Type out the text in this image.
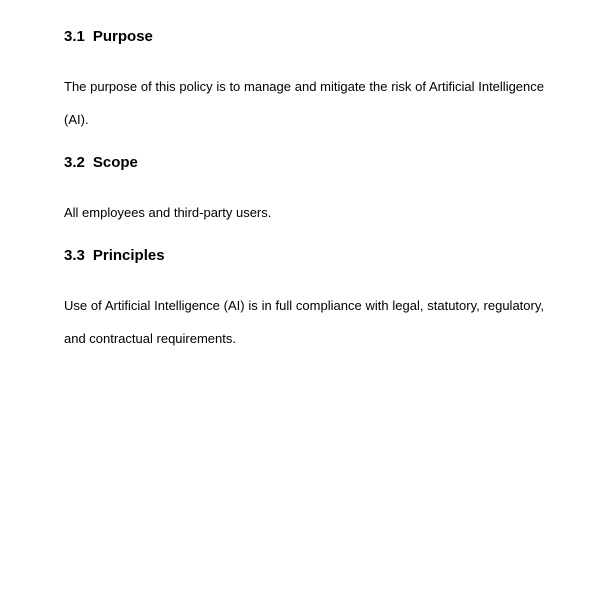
3.1 Purpose
The purpose of this policy is to manage and mitigate the risk of Artificial Intelligence
(AI).
3.2 Scope
All employees and third-party users.
3.3 Principles
Use of Artificial Intelligence (AI) is in full compliance with legal, statutory, regulatory,
and contractual requirements.
